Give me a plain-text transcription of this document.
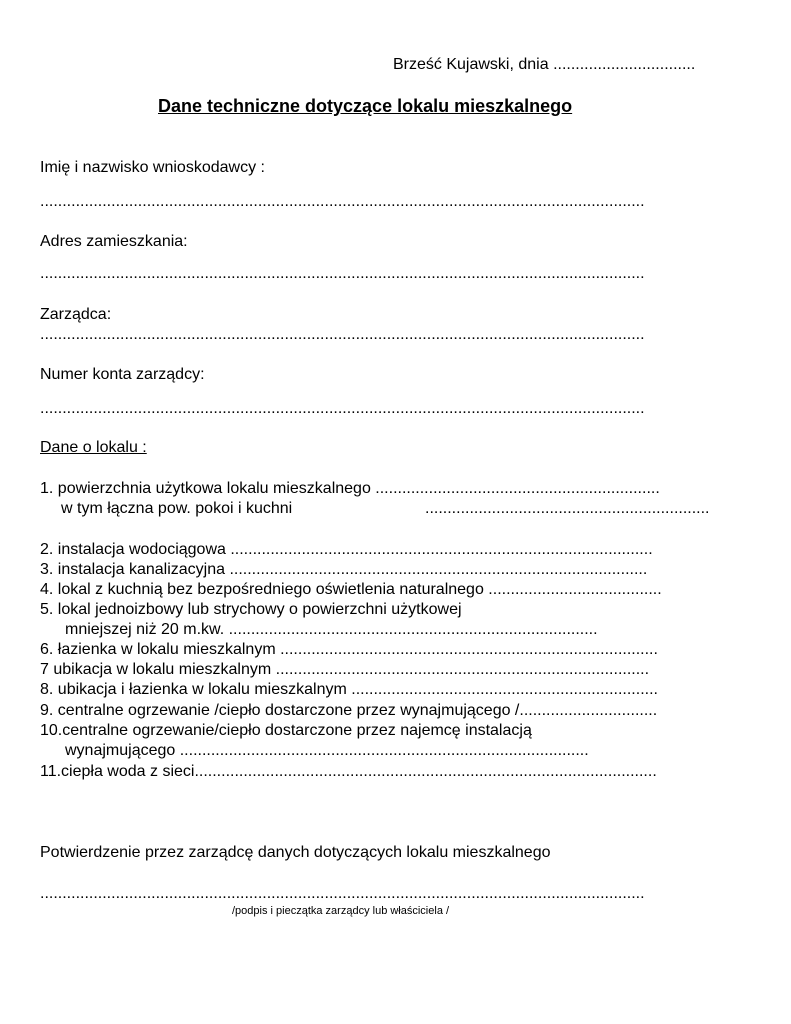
Brześć Kujawski, dnia ................................
Dane techniczne dotyczące lokalu mieszkalnego
Imię i nazwisko wnioskodawcy :
........................................................................................................................................
Adres zamieszkania:
........................................................................................................................................
Zarządca:
........................................................................................................................................
Numer konta zarządcy:
........................................................................................................................................
Dane o lokalu :
1. powierzchnia użytkowa lokalu mieszkalnego ................................................................
w tym łączna pow. pokoi i kuchni	................................................................
2. instalacja wodociągowa ...............................................................................................
3. instalacja kanalizacyjna ..............................................................................................
4. lokal z kuchnią bez bezpośredniego oświetlenia naturalnego .......................................
5. lokal jednoizbowy lub strychowy o powierzchni użytkowej
mniejszej niż 20 m.kw. ...................................................................................
6. łazienka w lokalu mieszkalnym .....................................................................................
7 ubikacja w lokalu mieszkalnym ....................................................................................
8. ubikacja i łazienka w lokalu mieszkalnym .....................................................................
9. centralne ogrzewanie /ciepło dostarczone przez wynajmującego /...............................
10.centralne ogrzewanie/ciepło dostarczone przez najemcę instalacją
wynajmującego ............................................................................................
11.ciepła woda z sieci........................................................................................................
Potwierdzenie przez zarządcę danych dotyczących lokalu mieszkalnego
........................................................................................................................................
/podpis i pieczątka zarządcy lub właściciela /
